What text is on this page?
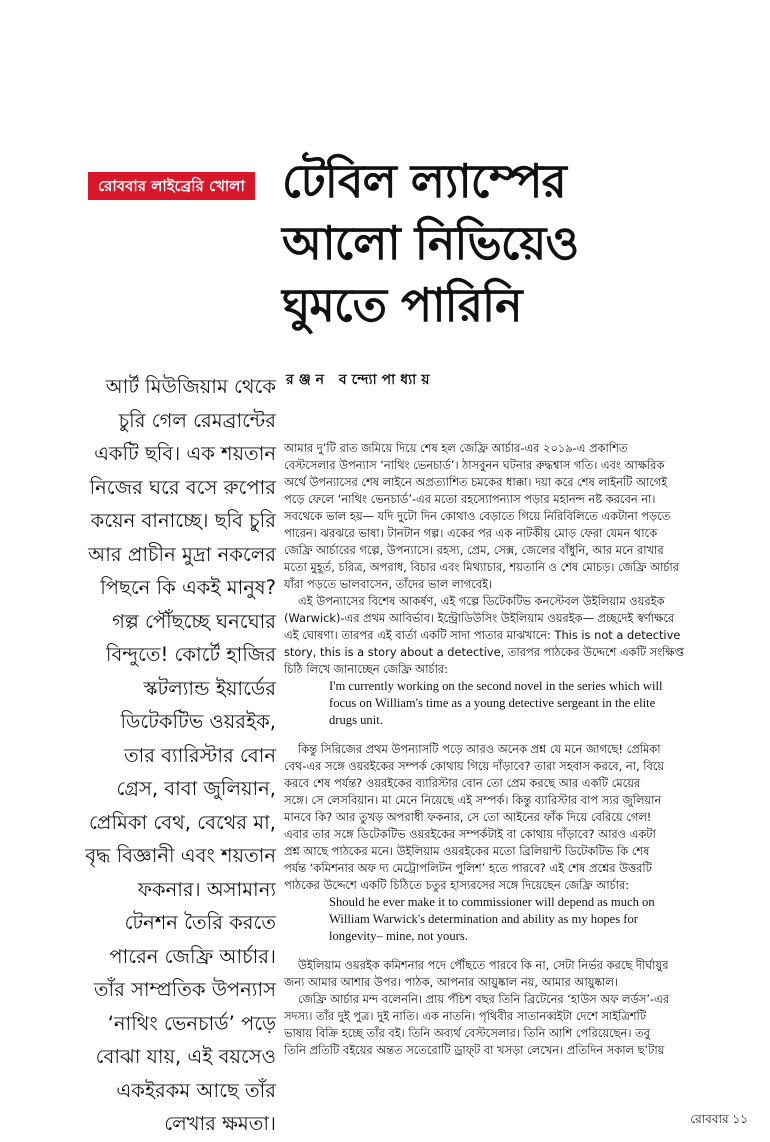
রোববার লাইব্রেরি খোলা টেবিল ল্যাম্পের
আলো নিভিয়েও
ঘুমতে পারিনি
রঞ্জন বন্দ্যোপাধ্যায়
আর্ট মিউজিয়াম থেকে
চুরি গেল রেমব্রান্টের
একটি ছবি। এক শয়তান
নিজের ঘরে বসে রুপোর
কয়েন বানাচ্ছে। ছবি চুরি
আর প্রাচীন মুদ্রা নকলের
পিছনে কি একই মানুষ?
গল্প পৌঁছচ্ছে ঘনঘোর
বিন্দুতে! কোর্টে হাজির
স্কটল্যান্ড ইয়ার্ডের
ডিটেকটিভ ওয়রইক,
তার ব্যারিস্টার বোন
গ্রেস, বাবা জুলিয়ান,
প্রেমিকা বেথ, বেথের মা,
বৃদ্ধ বিজ্ঞানী এবং শয়তান
ফকনার। অসামান্য
টেনশন তৈরি করতে
পারেন জেফ্রি আর্চার।
তাঁর সাম্প্রতিক উপন্যাস
‘নাথিং ভেনচার্ড’ পড়ে
বোঝা যায়, এই বয়সেও
একইরকম আছে তাঁর
লেখার ক্ষমতা।
আমার দু’টি রাত জমিয়ে দিয়ে শেষ হল জেফ্রি আর্চার-এর ২০১৯-এ প্রকাশিত
বেস্টসেলার উপন্যাস ‘নাথিং ভেনচার্ড’। ঠাসবুনন ঘটনার রুদ্ধশ্বাস গতি। এবং আক্ষরিক
অর্থে উপন্যাসের শেষ লাইনে অপ্রত্যাশিত চমকের ধাক্কা। দয়া করে শেষ লাইনটি আগেই
পড়ে ফেলে ‘নাথিং ভেনচার্ড’-এর মতো রহস্যোপন্যাস পড়ার মহানন্দ নষ্ট করবেন না।
সবথেকে ভাল হয়— যদি দুটো দিন কোথাও বেড়াতে গিয়ে নিরিবিলিতে একটানা পড়তে
পারেন। ঝরঝরে ভাষা। টানটান গল্প। একের পর এক নাটকীয় মোড় ফেরা যেমন থাকে
জেফ্রি আর্চারের গল্পে, উপন্যাসে। রহস্য, প্রেম, সেক্স, জেলের বাঁধুনি, আর মনে রাখার
মতো মুহূর্ত, চরিত্র, অপরাধ, বিচার এবং মিথ্যাচার, শয়তানি ও শেষ মোচড়। জেফ্রি আর্চার
যাঁরা পড়তে ভালবাসেন, তাঁদের ভাল লাগবেই।
এই উপন্যাসের বিশেষ আকর্ষণ, এই গল্পে ডিটেকটিভ কনস্টেবল উইলিয়াম ওয়রইক
(Warwick)-এর প্রথম আবির্ভাব। ইন্ট্রোডিউসিং উইলিয়াম ওয়রইক— প্রচ্ছদেই স্বর্ণাক্ষরে
এই ঘোষণা। তারপর এই বার্তা একটি সাদা পাতার মাঝখানে: This is not a detective
story, this is a story about a detective, তারপর পাঠকের উদ্দেশে একটি সংক্ষিপ্ত
চিঠি লিখে জানাচ্ছেন জেফ্রি আর্চার:
I'm currently working on the second novel in the series which will
focus on William's time as a young detective sergeant in the elite
drugs unit.
কিন্তু সিরিজের প্রথম উপন্যাসটি পড়ে আরও অনেক প্রশ্ন যে মনে জাগছে! প্রেমিকা
বেথ-এর সঙ্গে ওয়রইকের সম্পর্ক কোথায় গিয়ে দাঁড়াবে? তারা সহবাস করবে, না, বিয়ে
করবে শেষ পর্যন্ত? ওয়রইকের ব্যারিস্টার বোন তো প্রেম করছে আর একটি মেয়ের
সঙ্গে। সে লেসবিয়ান। মা মেনে নিয়েছে এই সম্পর্ক। কিন্তু ব্যারিস্টার বাপ স্যর জুলিয়ান
মানবে কি? আর তুখড় অপরাধী ফকনার, সে তো আইনের ফাঁক দিয়ে বেরিয়ে গেল!
এবার তার সঙ্গে ডিটেকটিভ ওয়রইকের সম্পর্কটাই বা কোথায় দাঁড়াবে? আরও একটা
প্রশ্ন আছে পাঠকের মনে। উইলিয়াম ওয়রইকের মতো ব্রিলিয়ান্ট ডিটেকটিভ কি শেষ
পর্যন্ত ‘কমিশনার অফ দ্য মেট্রোপলিটন পুলিশ’ হতে পারবে? এই শেষ প্রশ্নের উত্তরটি
পাঠকের উদ্দেশে একটি চিঠিতে চতুর হাস্যরসের সঙ্গে দিয়েছেন জেফ্রি আর্চার:
Should he ever make it to commissioner will depend as much on
William Warwick's determination and ability as my hopes for
longevity– mine, not yours.
উইলিয়াম ওয়রইক কমিশনার পদে পৌঁছতে পারবে কি না, সেটা নির্ভর করছে দীর্ঘায়ুর
জন্য আমার আশার উপর। পাঠক, আপনার আয়ুষ্কাল নয়, আমার আয়ুষ্কাল।
জেফ্রি আর্চার মন্দ বলেননি। প্রায় পঁচিশ বছর তিনি ব্রিটেনের ‘হাউস অফ লর্ডস’-এর
সদস্য। তাঁর দুই পুত্র। দুই নাতি। এক নাতনি। পৃথিবীর সাতানব্বইটা দেশে সাইত্রিশটি
ভাষায় বিক্রি হচ্ছে তাঁর বই। তিনি অব্যর্থ বেস্টসেলার। তিনি আশি পেরিয়েছেন। তবু
তিনি প্রতিটি বইয়ের অন্তত সতেরোটি ড্রাফ্‌ট বা খসড়া লেখেন। প্রতিদিন সকাল ছ’টায়
রোববার ১১
